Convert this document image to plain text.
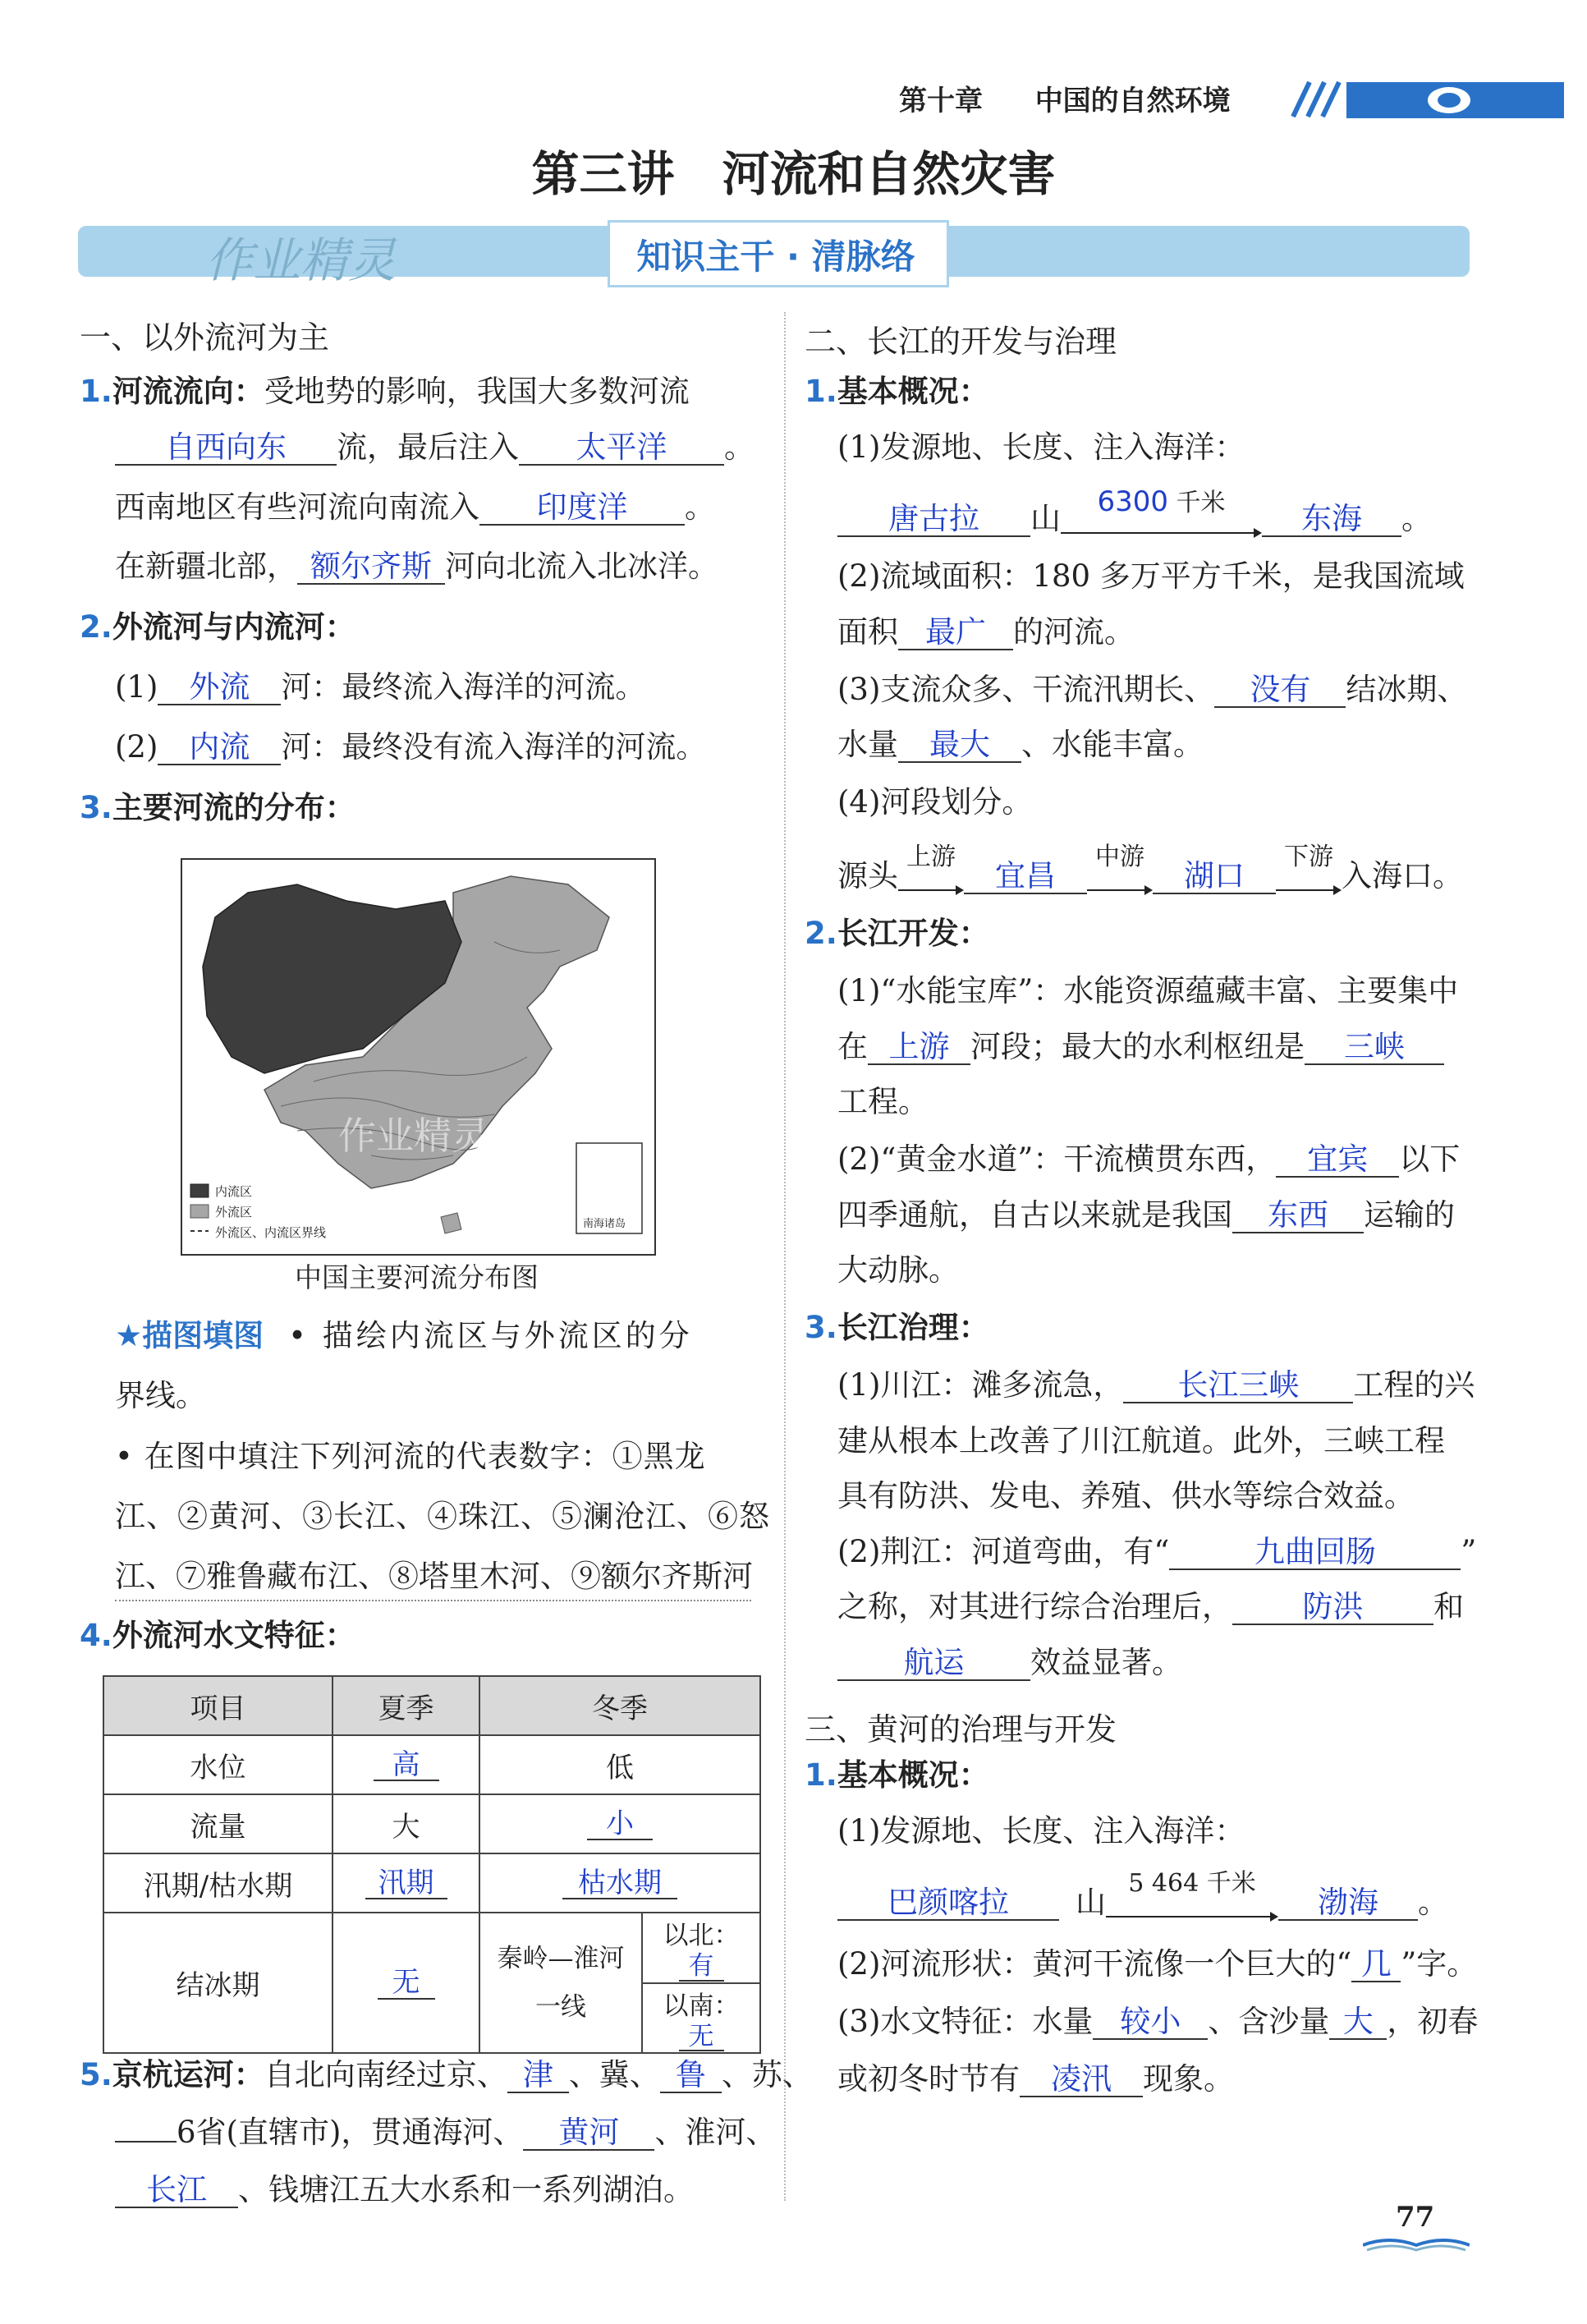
第十章 中国的自然环境
第三讲　河流和自然灾害
作业精灵	知识主干 · 清脉络
一、以外流河为主
1.河流流向：受地势的影响，我国大多数河流
自西向东 流，最后注入 太平洋 。
西南地区有些河流向南流入 印度洋 。
在新疆北部， 额尔齐斯 河向北流入北冰洋。
2.外流河与内流河：
(1) 外流 河：最终流入海洋的河流。
(2) 内流 河：最终没有流入海洋的河流。
3.主要河流的分布：
内流区
外流区
外流区、内流区界线
南海诸岛
作业精灵
中国主要河流分布图
★描图填图 • 描绘内流区与外流区的分
界线。
• 在图中填注下列河流的代表数字：①黑龙
江、②黄河、③长江、④珠江、⑤澜沧江、⑥怒
江、⑦雅鲁藏布江、⑧塔里木河、⑨额尔齐斯河
4.外流河水文特征：
项目	夏季	冬季	
水位	高	低	
流量	大	小	
汛期/枯水期	汛期	枯水期	
结冰期	无	秦岭—淮河一线	以北：有
			以南：无
5.京杭运河：自北向南经过京、 津 、冀、 鲁 、苏、
6省(直辖市)，贯通海河、 黄河 、淮河、
长江 、钱塘江五大水系和一系列湖泊。
二、长江的开发与治理
1.基本概况：
(1)发源地、长度、注入海洋：
唐古拉 山	6300 千米	东海 。
(2)流域面积：180 多万平方千米，是我国流域
面积 最广 的河流。
(3)支流众多、干流汛期长、 没有 结冰期、
水量 最大 、水能丰富。
(4)河段划分。
源头
上游
宜昌
中游
湖口
下游
入海口。
2.长江开发：
(1)“水能宝库”：水能资源蕴藏丰富、主要集中
在 上游 河段；最大的水利枢纽是 三峡
工程。
(2)“黄金水道”：干流横贯东西， 宜宾 以下
四季通航，自古以来就是我国 东西 运输的
大动脉。
3.长江治理：
(1)川江：滩多流急， 长江三峡 工程的兴
建从根本上改善了川江航道。此外，三峡工程
具有防洪、发电、养殖、供水等综合效益。
(2)荆江：河道弯曲，有“	九曲回肠	”
之称，对其进行综合治理后， 防洪 和
航运 效益显著。
三、黄河的治理与开发
1.基本概况：
(1)发源地、长度、注入海洋：
巴颜喀拉 山
5 464 千米
渤海 。
(2)河流形状：黄河干流像一个巨大的“ 几 ”字。
(3)水文特征：水量 较小 、含沙量 大 ，初春
或初冬时节有 凌汛 现象。
77
